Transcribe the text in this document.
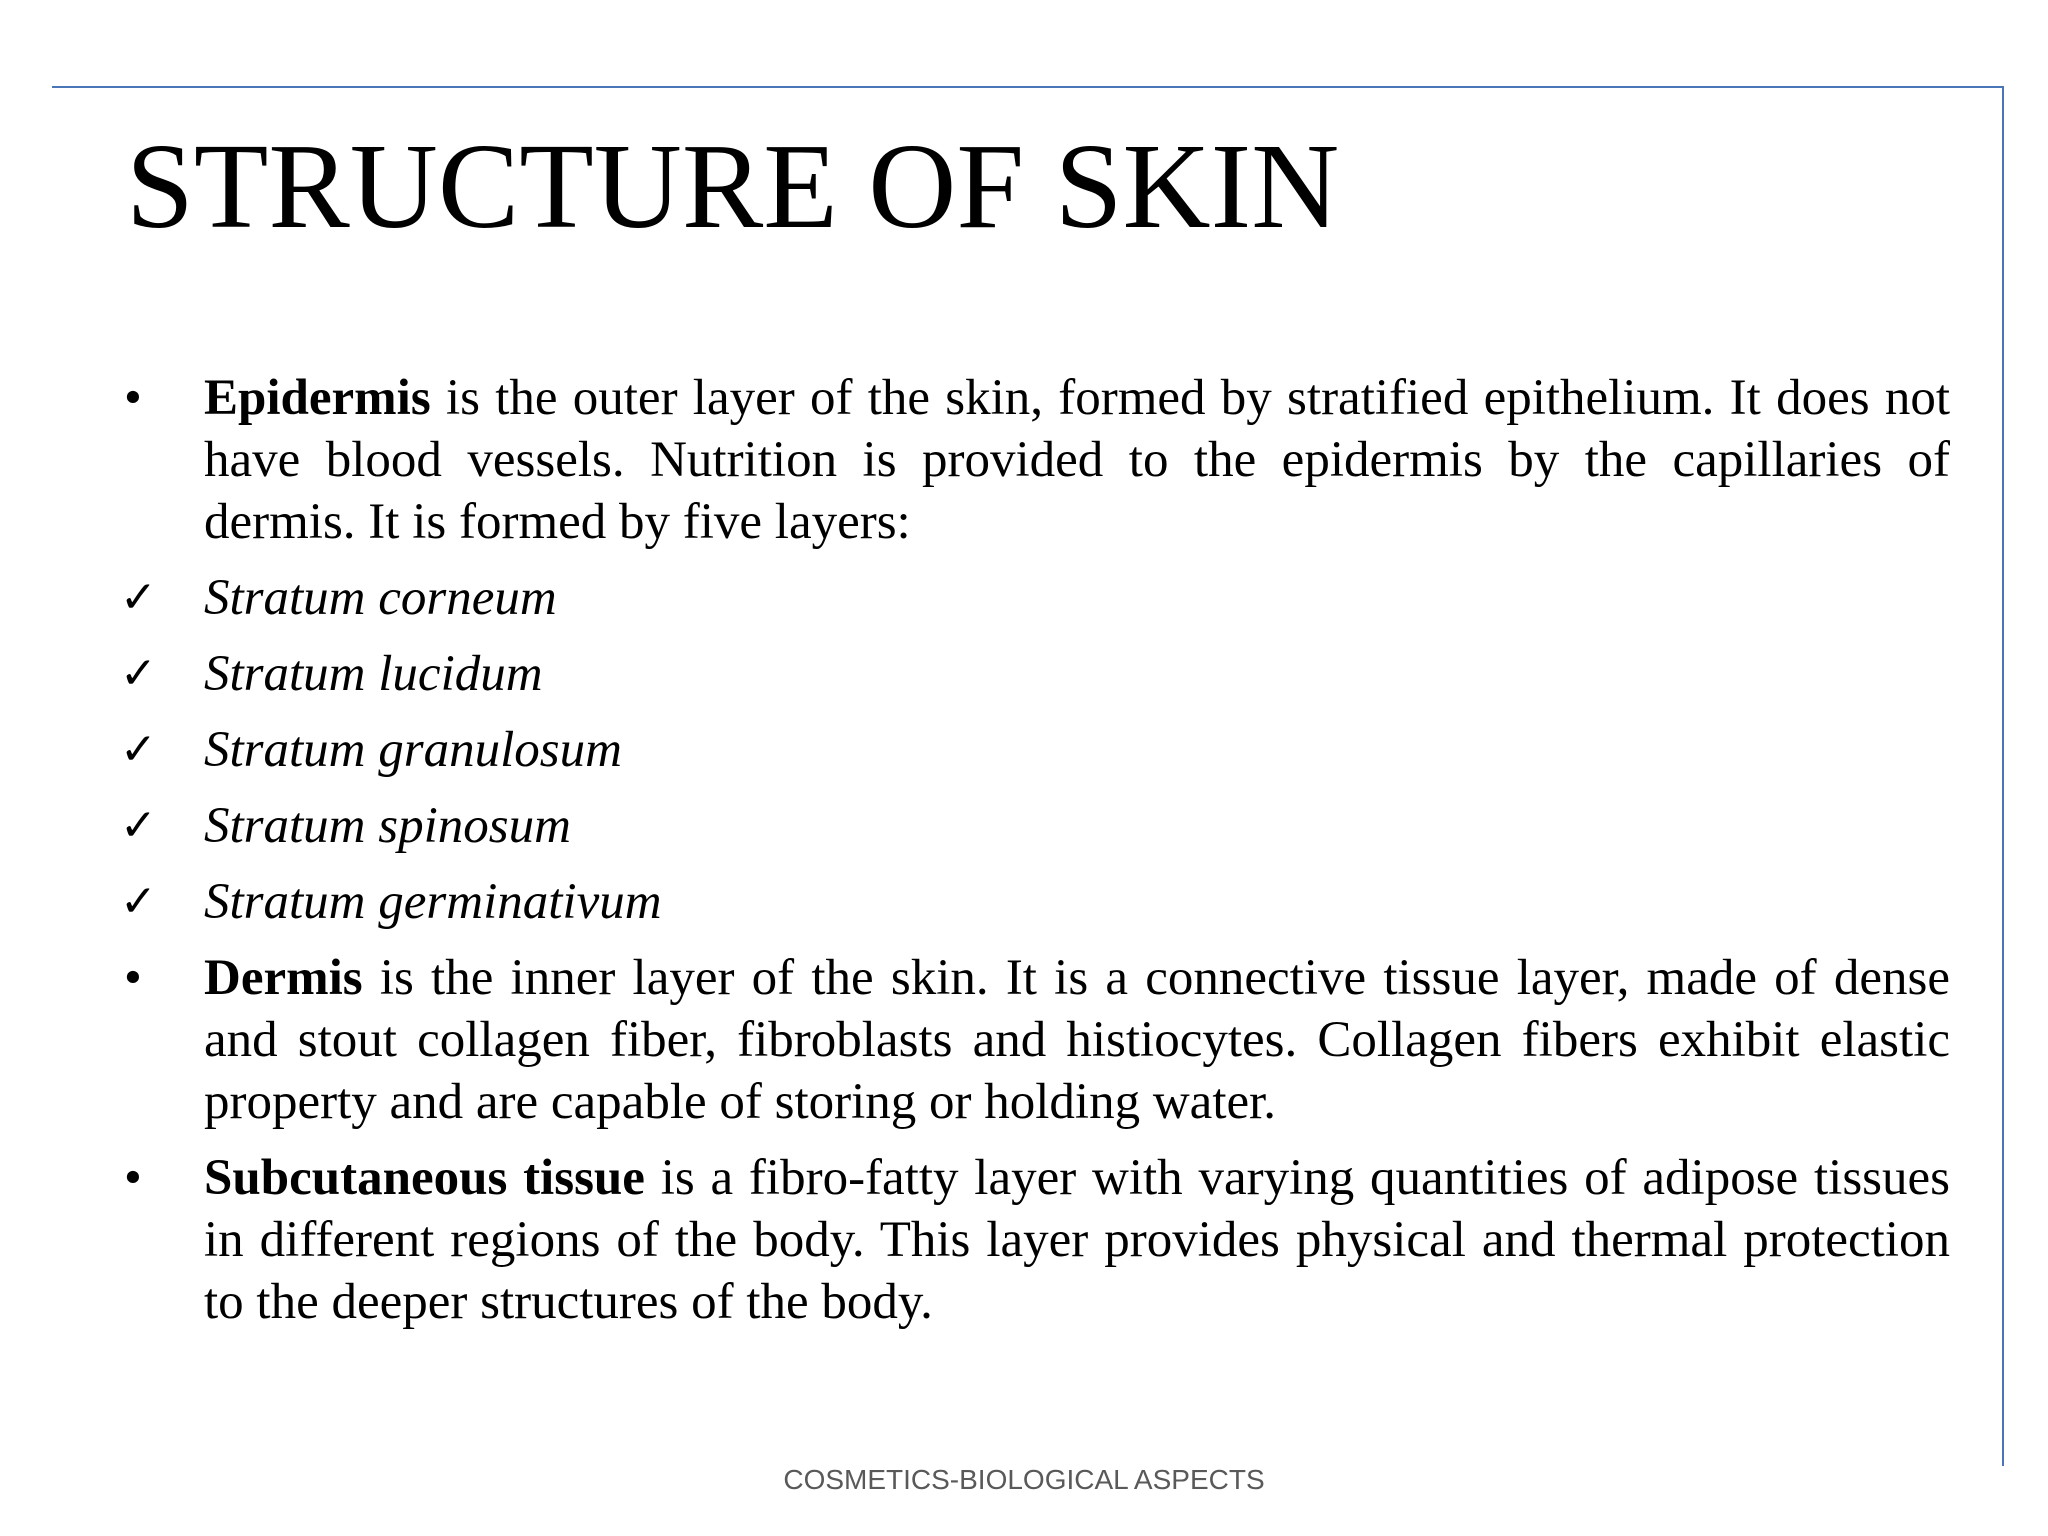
STRUCTURE OF SKIN
•	Epidermis is the outer layer of the skin, formed by stratified epithelium. It does not have blood vessels. Nutrition is provided to the epidermis by the capillaries of dermis. It is formed by five layers:
✓ Stratum corneum
✓ Stratum lucidum
✓ Stratum granulosum
✓ Stratum spinosum
✓ Stratum germinativum
•	Dermis is the inner layer of the skin. It is a connective tissue layer, made of dense and stout collagen fiber, fibroblasts and histiocytes. Collagen fibers exhibit elastic property and are capable of storing or holding water.
•	Subcutaneous tissue is a fibro-fatty layer with varying quantities of adipose tissues in different regions of the body. This layer provides physical and thermal protection to the deeper structures of the body.
COSMETICS-BIOLOGICAL ASPECTS
